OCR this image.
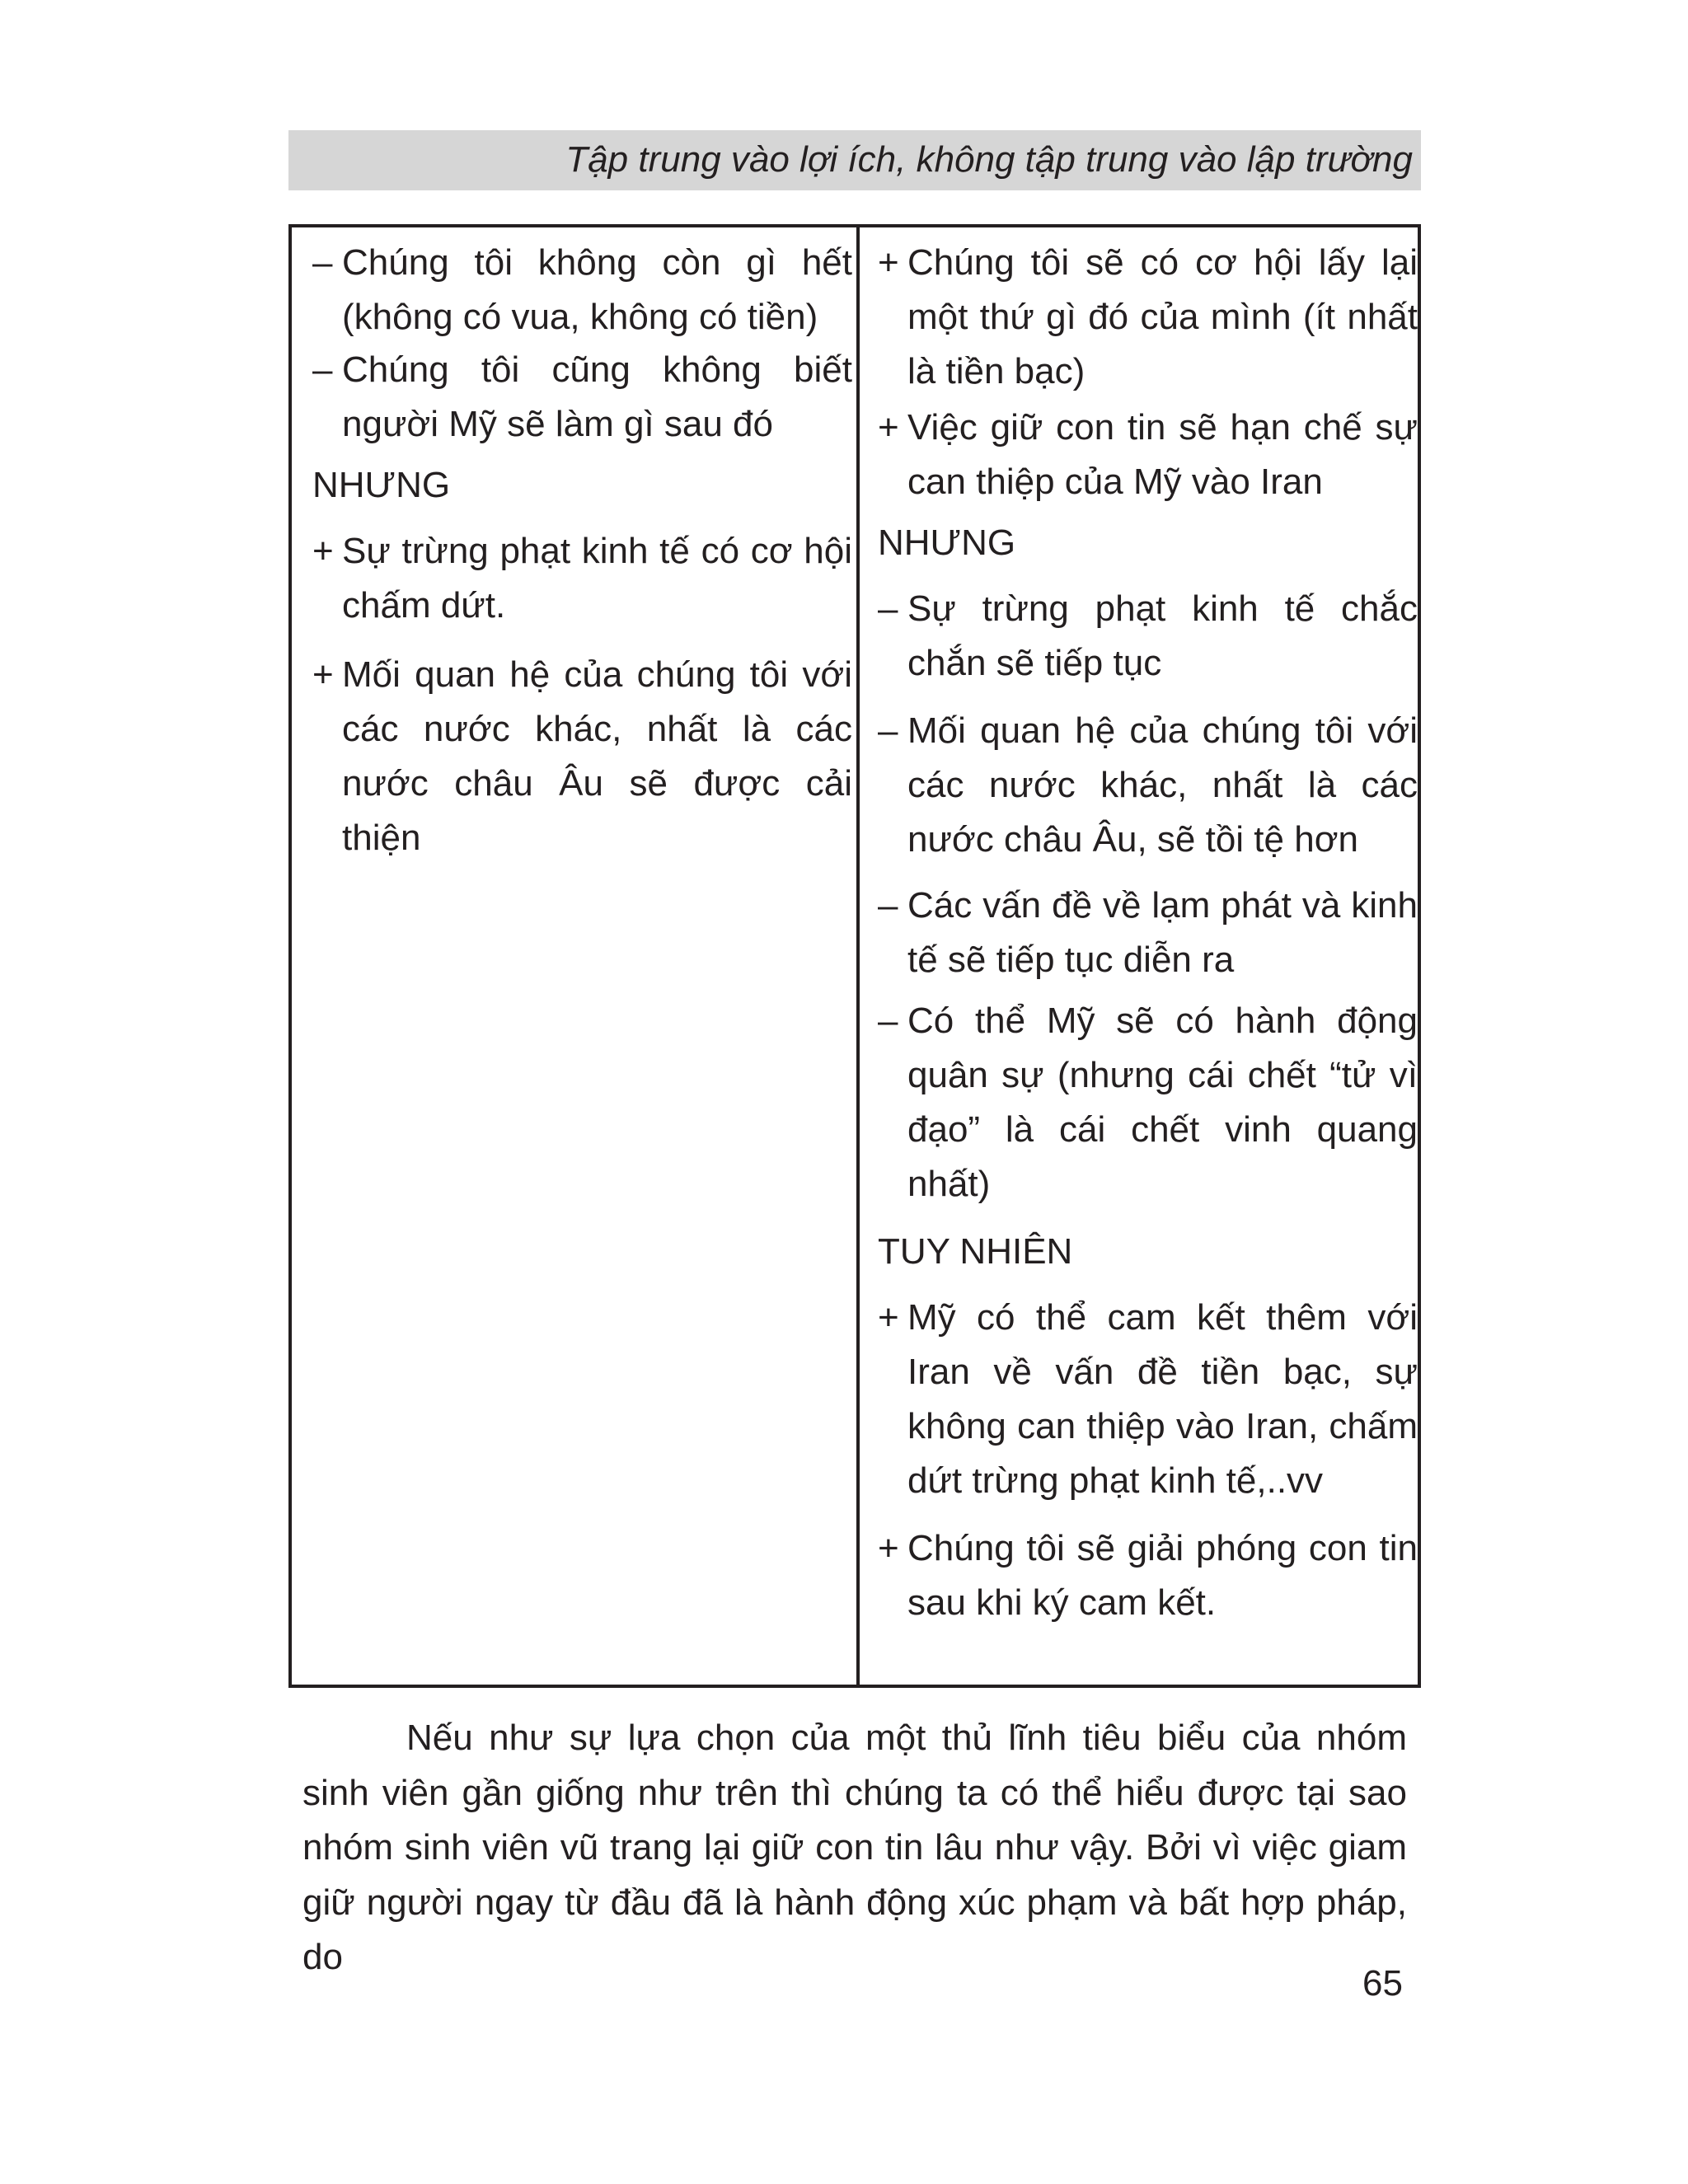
Tập trung vào lợi ích, không tập trung vào lập trường
– Chúng tôi không còn gì hết (không có vua, không có tiền)
– Chúng tôi cũng không biết người Mỹ sẽ làm gì sau đó
NHƯNG
+ Sự trừng phạt kinh tế có cơ hội chấm dứt.
+ Mối quan hệ của chúng tôi với các nước khác, nhất là các nước châu Âu sẽ được cải thiện
+ Chúng tôi sẽ có cơ hội lấy lại một thứ gì đó của mình (ít nhất là tiền bạc)
+ Việc giữ con tin sẽ hạn chế sự can thiệp của Mỹ vào Iran
NHƯNG
– Sự trừng phạt kinh tế chắc chắn sẽ tiếp tục
– Mối quan hệ của chúng tôi với các nước khác, nhất là các nước châu Âu, sẽ tồi tệ hơn
– Các vấn đề về lạm phát và kinh tế sẽ tiếp tục diễn ra
– Có thể Mỹ sẽ có hành động quân sự (nhưng cái chết “tử vì đạo” là cái chết vinh quang nhất)
TUY NHIÊN
+ Mỹ có thể cam kết thêm với Iran về vấn đề tiền bạc, sự không can thiệp vào Iran, chấm dứt trừng phạt kinh tế,..vv
+ Chúng tôi sẽ giải phóng con tin sau khi ký cam kết.
Nếu như sự lựa chọn của một thủ lĩnh tiêu biểu của nhóm sinh viên gần giống như trên thì chúng ta có thể hiểu được tại sao nhóm sinh viên vũ trang lại giữ con tin lâu như vậy. Bởi vì việc giam giữ người ngay từ đầu đã là hành động xúc phạm và bất hợp pháp, do
65
